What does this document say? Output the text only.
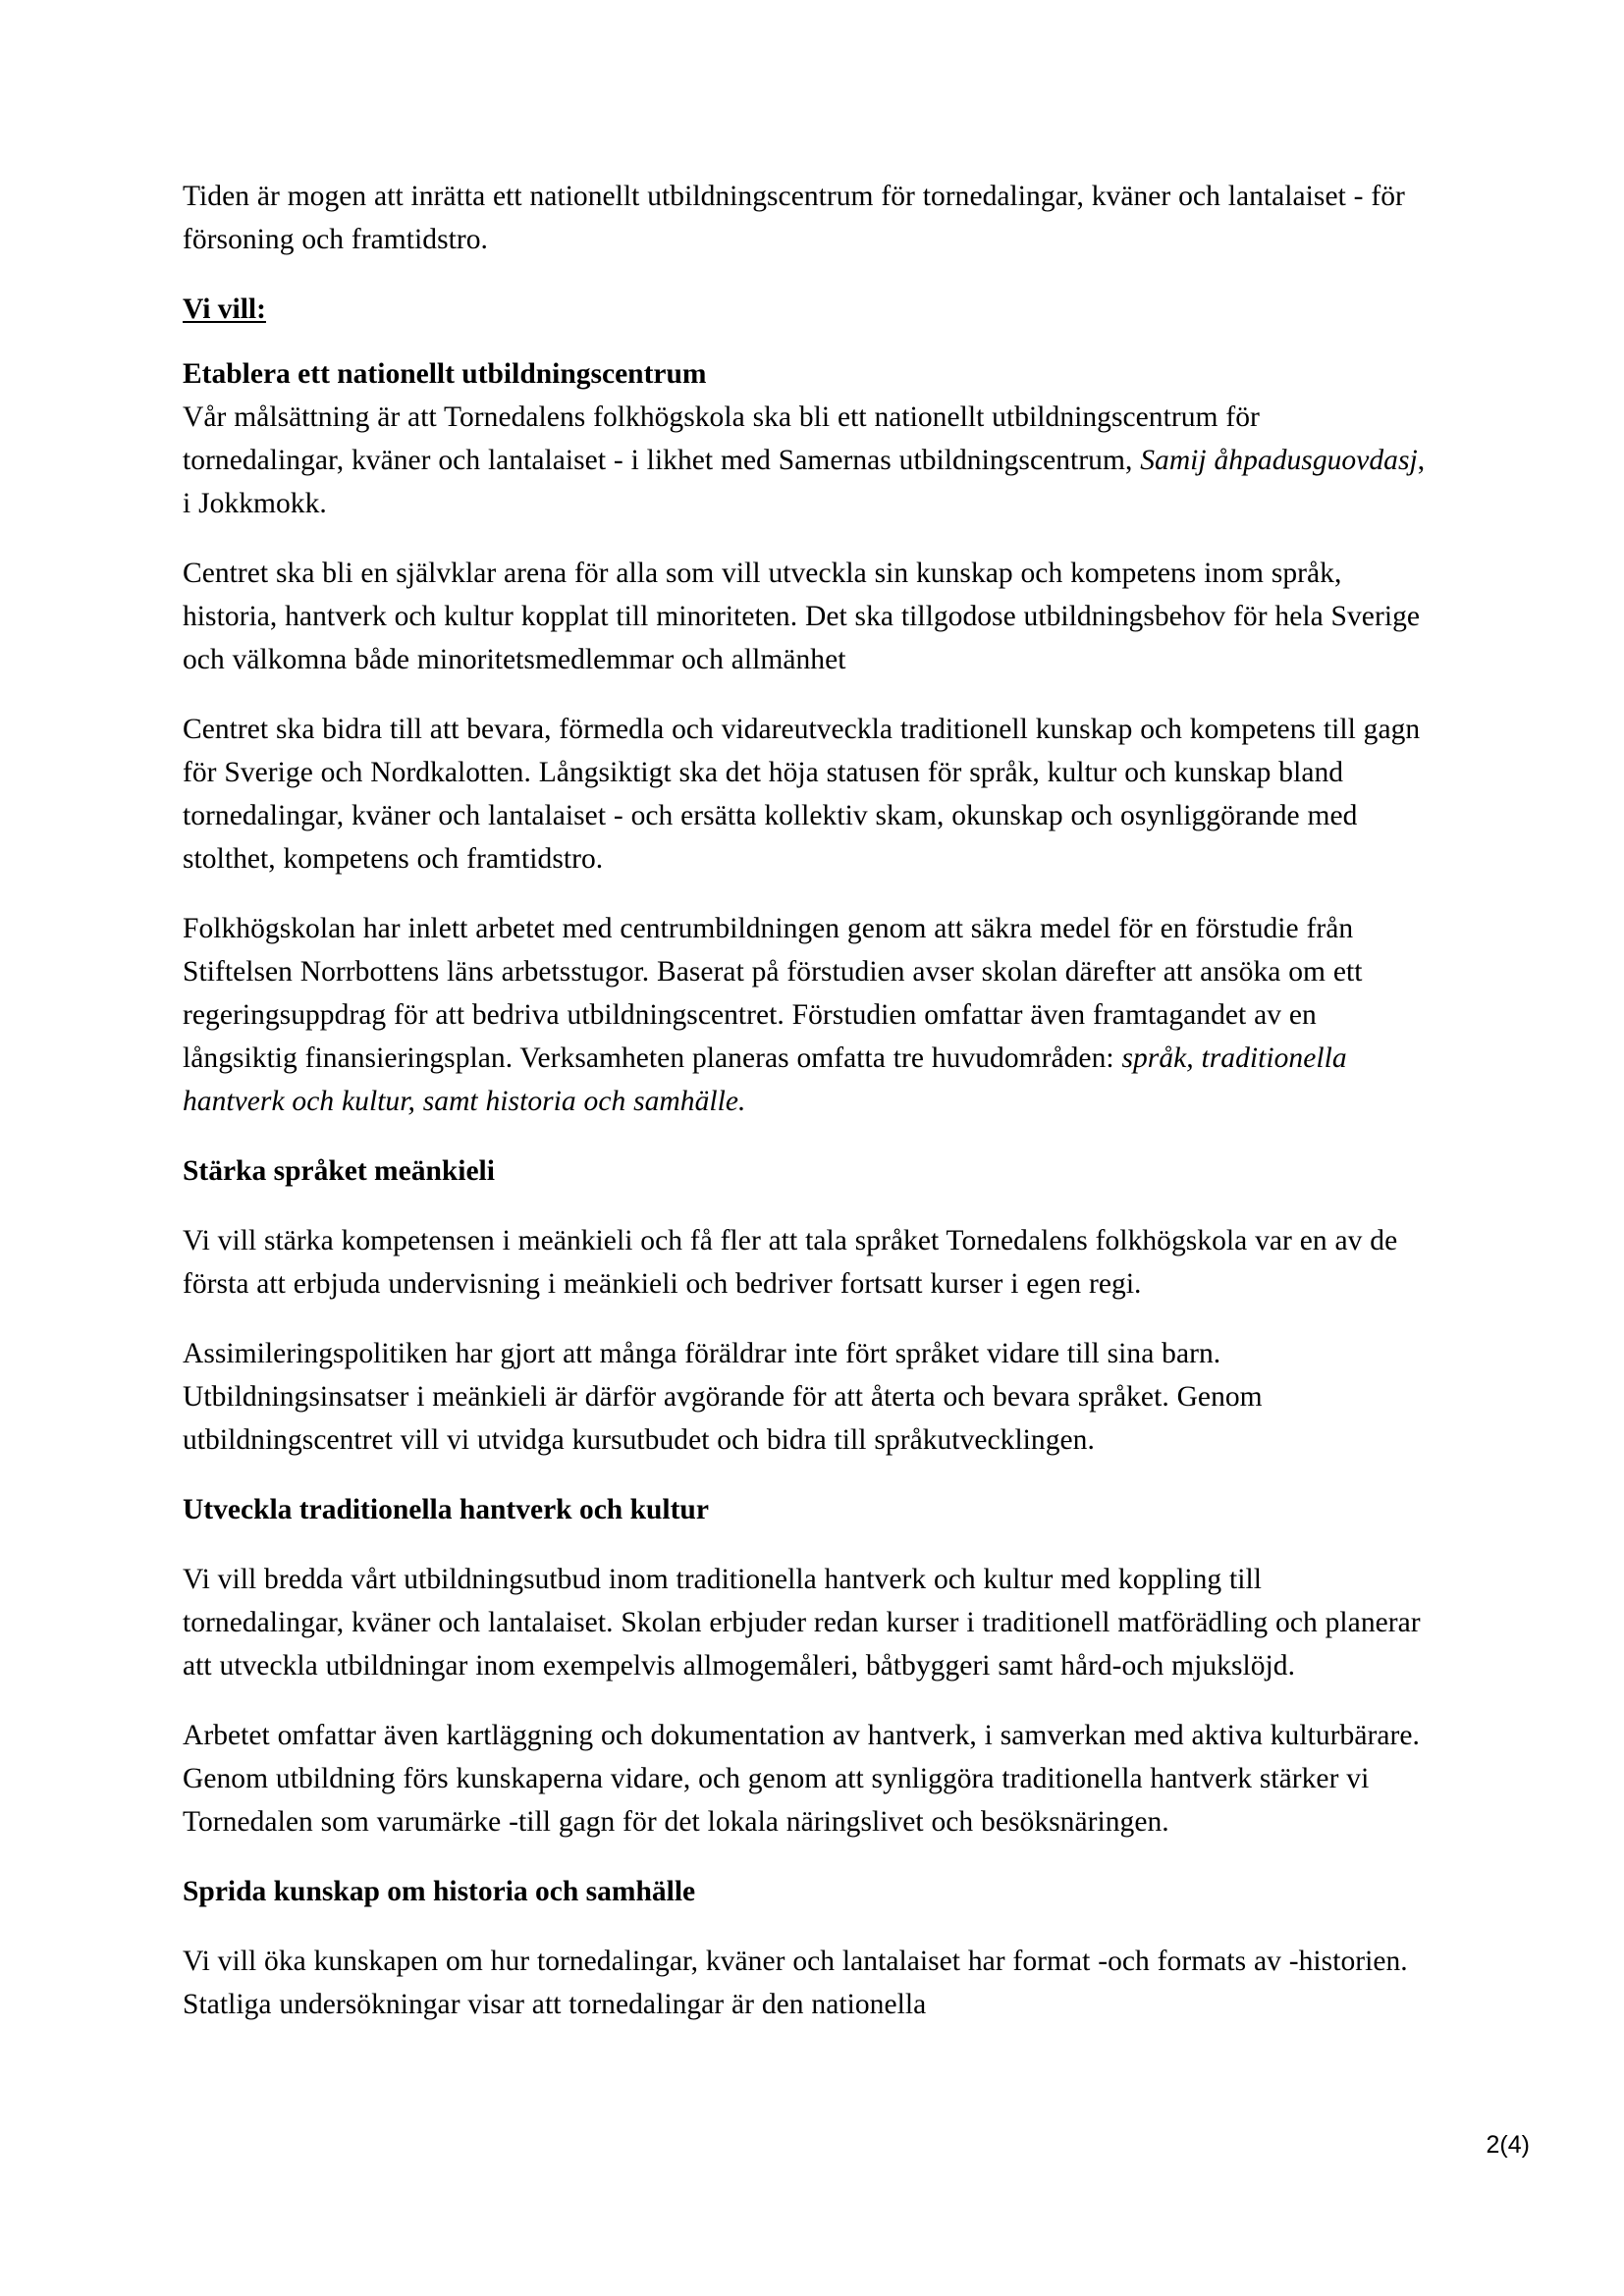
Tiden är mogen att inrätta ett nationellt utbildningscentrum för tornedalingar, kväner och lantalaiset - för försoning och framtidstro.

Vi vill:
Etablera ett nationellt utbildningscentrum

Vår målsättning är att Tornedalens folkhögskola ska bli ett nationellt utbildningscentrum för tornedalingar, kväner och lantalaiset - i likhet med Samernas utbildningscentrum, Samij åhpadusguovdasj, i Jokkmokk.

Centret ska bli en självklar arena för alla som vill utveckla sin kunskap och kompetens inom språk, historia, hantverk och kultur kopplat till minoriteten. Det ska tillgodose utbildningsbehov för hela Sverige och välkomna både minoritetsmedlemmar och allmänhet

Centret ska bidra till att bevara, förmedla och vidareutveckla traditionell kunskap och kompetens till gagn för Sverige och Nordkalotten. Långsiktigt ska det höja statusen för språk, kultur och kunskap bland tornedalingar, kväner och lantalaiset - och ersätta kollektiv skam, okunskap och osynliggörande med stolthet, kompetens och framtidstro.

Folkhögskolan har inlett arbetet med centrumbildningen genom att säkra medel för en förstudie från Stiftelsen Norrbottens läns arbetsstugor. Baserat på förstudien avser skolan därefter att ansöka om ett regeringsuppdrag för att bedriva utbildningscentret. Förstudien omfattar även framtagandet av en långsiktig finansieringsplan. Verksamheten planeras omfatta tre huvudområden: språk, traditionella hantverk och kultur, samt historia och samhälle.

Stärka språket meänkieli

Vi vill stärka kompetensen i meänkieli och få fler att tala språket Tornedalens folkhögskola var en av de första att erbjuda undervisning i meänkieli och bedriver fortsatt kurser i egen regi.

Assimileringspolitiken har gjort att många föräldrar inte fört språket vidare till sina barn. Utbildningsinsatser i meänkieli är därför avgörande för att återta och bevara språket. Genom utbildningscentret vill vi utvidga kursutbudet och bidra till språkutvecklingen.

Utveckla traditionella hantverk och kultur

Vi vill bredda vårt utbildningsutbud inom traditionella hantverk och kultur med koppling till tornedalingar, kväner och lantalaiset. Skolan erbjuder redan kurser i traditionell matförädling och planerar att utveckla utbildningar inom exempelvis allmogemåleri, båtbyggeri samt hård-och mjukslöjd.

Arbetet omfattar även kartläggning och dokumentation av hantverk, i samverkan med aktiva kulturbärare. Genom utbildning förs kunskaperna vidare, och genom att synliggöra traditionella hantverk stärker vi Tornedalen som varumärke -till gagn för det lokala näringslivet och besöksnäringen.

Sprida kunskap om historia och samhälle

Vi vill öka kunskapen om hur tornedalingar, kväner och lantalaiset har format -och formats av -historien. Statliga undersökningar visar att tornedalingar är den nationella

2(4)
